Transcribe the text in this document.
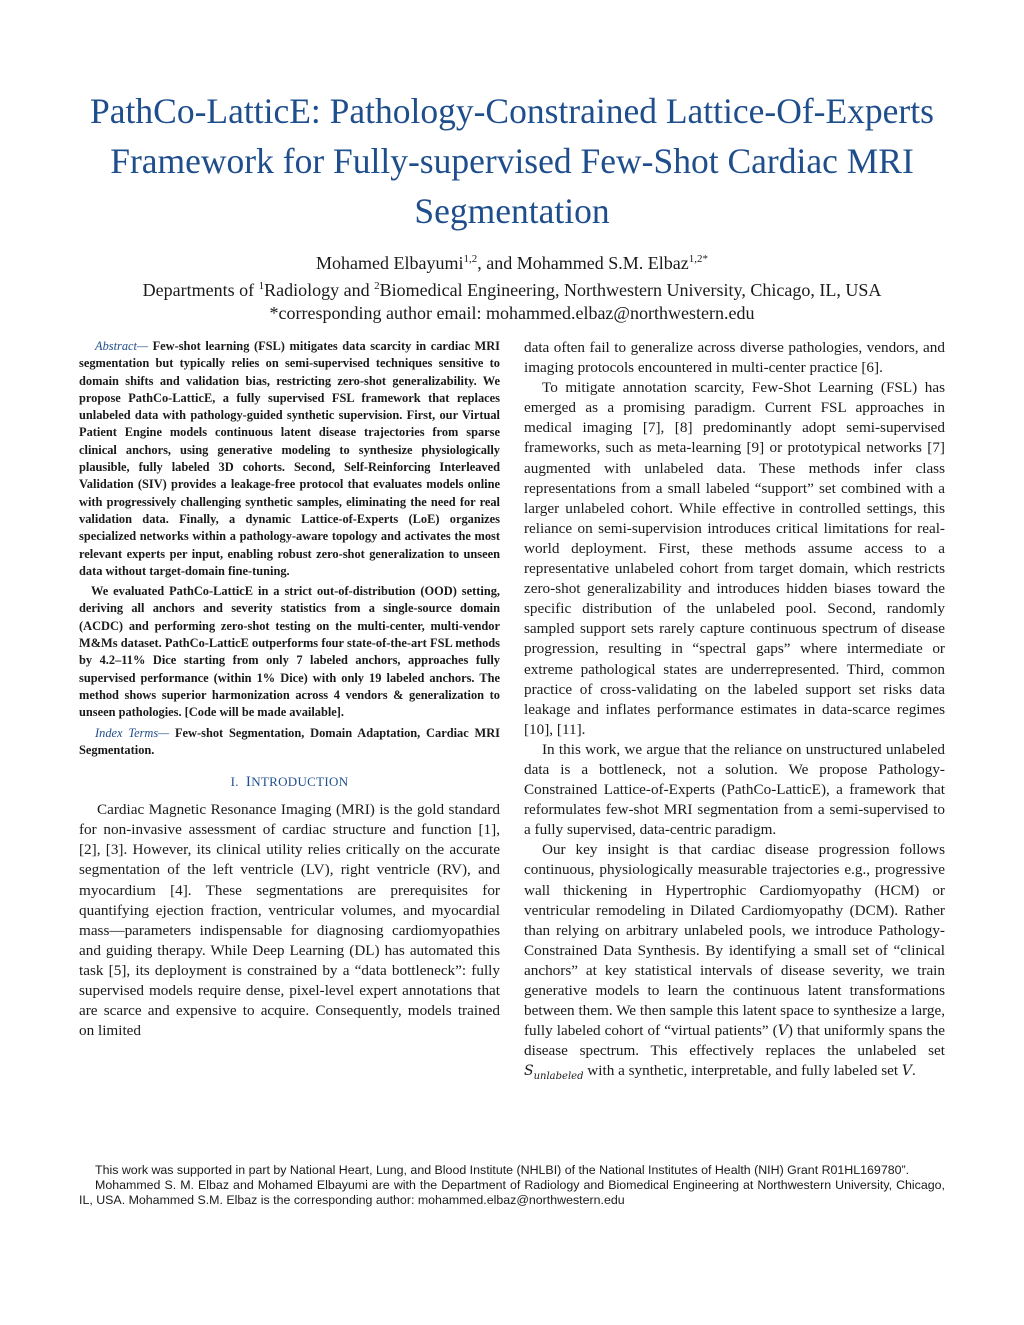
PathCo-LatticE: Pathology-Constrained Lattice-Of-Experts Framework for Fully-supervised Few-Shot Cardiac MRI Segmentation
Mohamed Elbayumi$^{1,2}$, and Mohammed S.M. Elbaz$^{1,2*}$
Departments of $^1$Radiology and $^2$Biomedical Engineering, Northwestern University, Chicago, IL, USA
*corresponding author email: mohammed.elbaz@northwestern.edu

Abstract— Few-shot learning (FSL) mitigates data scarcity in cardiac MRI segmentation but typically relies on semi-supervised techniques sensitive to domain shifts and validation bias, restricting zero-shot generalizability. We propose PathCo-LatticE, a fully supervised FSL framework that replaces unlabeled data with pathology-guided synthetic supervision. First, our Virtual Patient Engine models continuous latent disease trajectories from sparse clinical anchors, using generative modeling to synthesize physiologically plausible, fully labeled 3D cohorts. Second, Self-Reinforcing Interleaved Validation (SIV) provides a leakage-free protocol that evaluates models online with progressively challenging synthetic samples, eliminating the need for real validation data. Finally, a dynamic Lattice-of-Experts (LoE) organizes specialized networks within a pathology-aware topology and activates the most relevant experts per input, enabling robust zero-shot generalization to unseen data without target-domain fine-tuning.

We evaluated PathCo-LatticE in a strict out-of-distribution (OOD) setting, deriving all anchors and severity statistics from a single-source domain (ACDC) and performing zero-shot testing on the multi-center, multi-vendor M&Ms dataset. PathCo-LatticE outperforms four state-of-the-art FSL methods by 4.2–11% Dice starting from only 7 labeled anchors, approaches fully supervised performance (within 1% Dice) with only 19 labeled anchors. The method shows superior harmonization across 4 vendors & generalization to unseen pathologies. [Code will be made available].

Index Terms— Few-shot Segmentation, Domain Adaptation, Cardiac MRI Segmentation.

I. INTRODUCTION

Cardiac Magnetic Resonance Imaging (MRI) is the gold standard for non-invasive assessment of cardiac structure and function [1], [2], [3]. However, its clinical utility relies critically on the accurate segmentation of the left ventricle (LV), right ventricle (RV), and myocardium [4]. These segmentations are prerequisites for quantifying ejection fraction, ventricular volumes, and myocardial mass—parameters indispensable for diagnosing cardiomyopathies and guiding therapy. While Deep Learning (DL) has automated this task [5], its deployment is constrained by a “data bottleneck”: fully supervised models require dense, pixel-level expert annotations that are scarce and expensive to acquire. Consequently, models trained on limited

data often fail to generalize across diverse pathologies, vendors, and imaging protocols encountered in multi-center practice [6].

To mitigate annotation scarcity, Few-Shot Learning (FSL) has emerged as a promising paradigm. Current FSL approaches in medical imaging [7], [8] predominantly adopt semi-supervised frameworks, such as meta-learning [9] or prototypical networks [7] augmented with unlabeled data. These methods infer class representations from a small labeled “support” set combined with a larger unlabeled cohort. While effective in controlled settings, this reliance on semi-supervision introduces critical limitations for real-world deployment. First, these methods assume access to a representative unlabeled cohort from target domain, which restricts zero-shot generalizability and introduces hidden biases toward the specific distribution of the unlabeled pool. Second, randomly sampled support sets rarely capture continuous spectrum of disease progression, resulting in “spectral gaps” where intermediate or extreme pathological states are underrepresented. Third, common practice of cross-validating on the labeled support set risks data leakage and inflates performance estimates in data-scarce regimes [10], [11].

In this work, we argue that the reliance on unstructured unlabeled data is a bottleneck, not a solution. We propose Pathology-Constrained Lattice-of-Experts (PathCo-LatticE), a framework that reformulates few-shot MRI segmentation from a semi-supervised to a fully supervised, data-centric paradigm.

Our key insight is that cardiac disease progression follows continuous, physiologically measurable trajectories e.g., progressive wall thickening in Hypertrophic Cardiomyopathy (HCM) or ventricular remodeling in Dilated Cardiomyopathy (DCM). Rather than relying on arbitrary unlabeled pools, we introduce Pathology-Constrained Data Synthesis. By identifying a small set of “clinical anchors” at key statistical intervals of disease severity, we train generative models to learn the continuous latent transformations between them. We then sample this latent space to synthesize a large, fully labeled cohort of “virtual patients” (V) that uniformly spans the disease spectrum. This effectively replaces the unlabeled set $S_{unlabeled}$ with a synthetic, interpretable, and fully labeled set V.

This work was supported in part by National Heart, Lung, and Blood Institute (NHLBI) of the National Institutes of Health (NIH) Grant R01HL169780”.

Mohammed S. M. Elbaz and Mohamed Elbayumi are with the Department of Radiology and Biomedical Engineering at Northwestern University, Chicago, IL, USA. Mohammed S.M. Elbaz is the corresponding author: mohammed.elbaz@northwestern.edu
